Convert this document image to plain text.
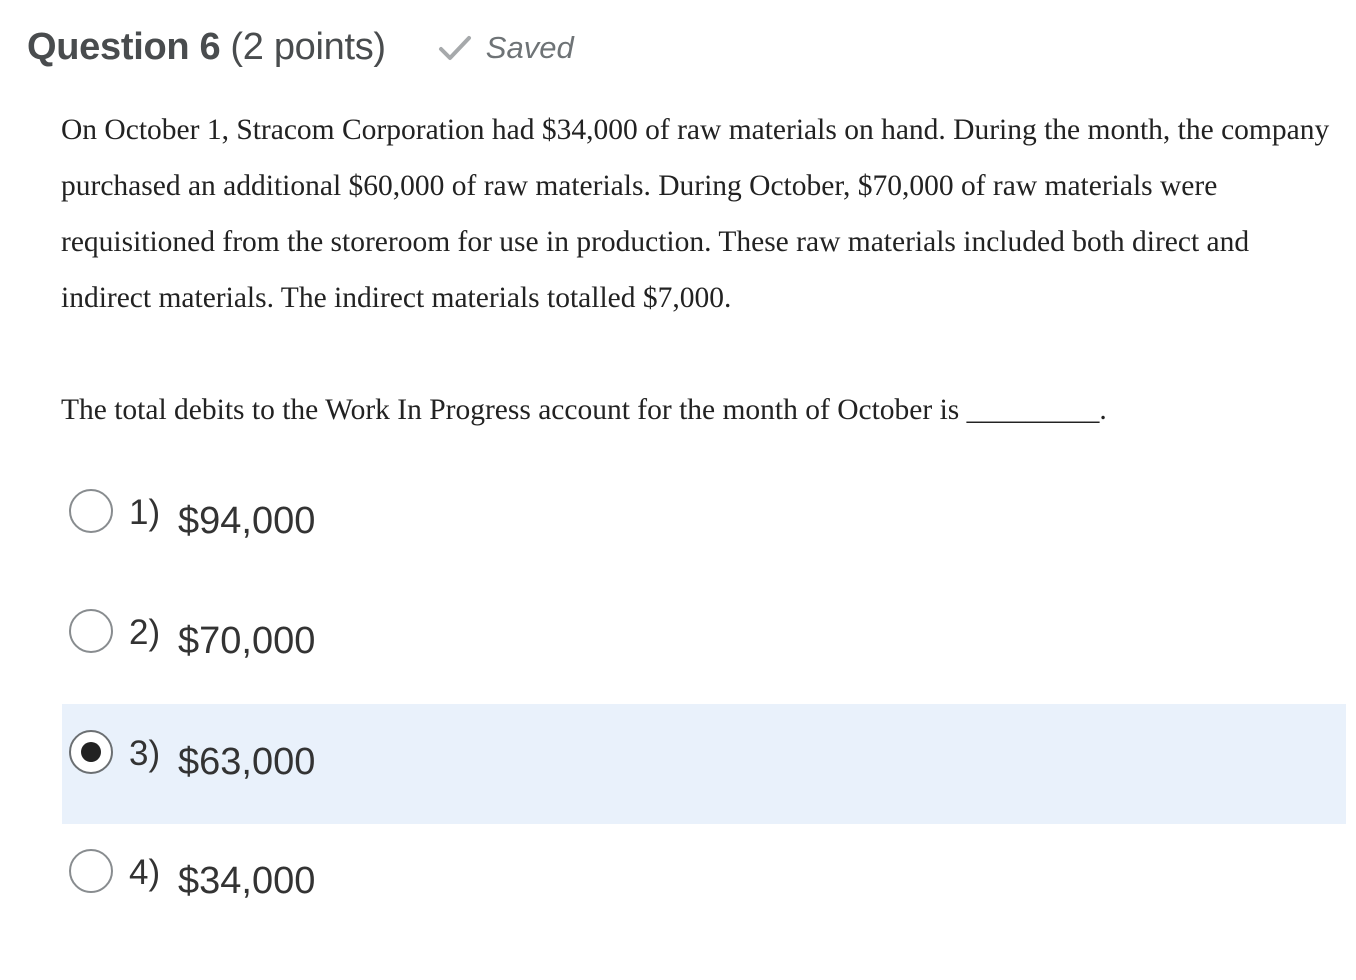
Question 6 (2 points)	Saved

On October 1, Stracom Corporation had $34,000 of raw materials on hand. During the month, the company purchased an additional $60,000 of raw materials. During October, $70,000 of raw materials were requisitioned from the storeroom for use in production. These raw materials included both direct and indirect materials. The indirect materials totalled $7,000.

The total debits to the Work In Progress account for the month of October is _________.
1) $94,000
2) $70,000
3) $63,000
4) $34,000
